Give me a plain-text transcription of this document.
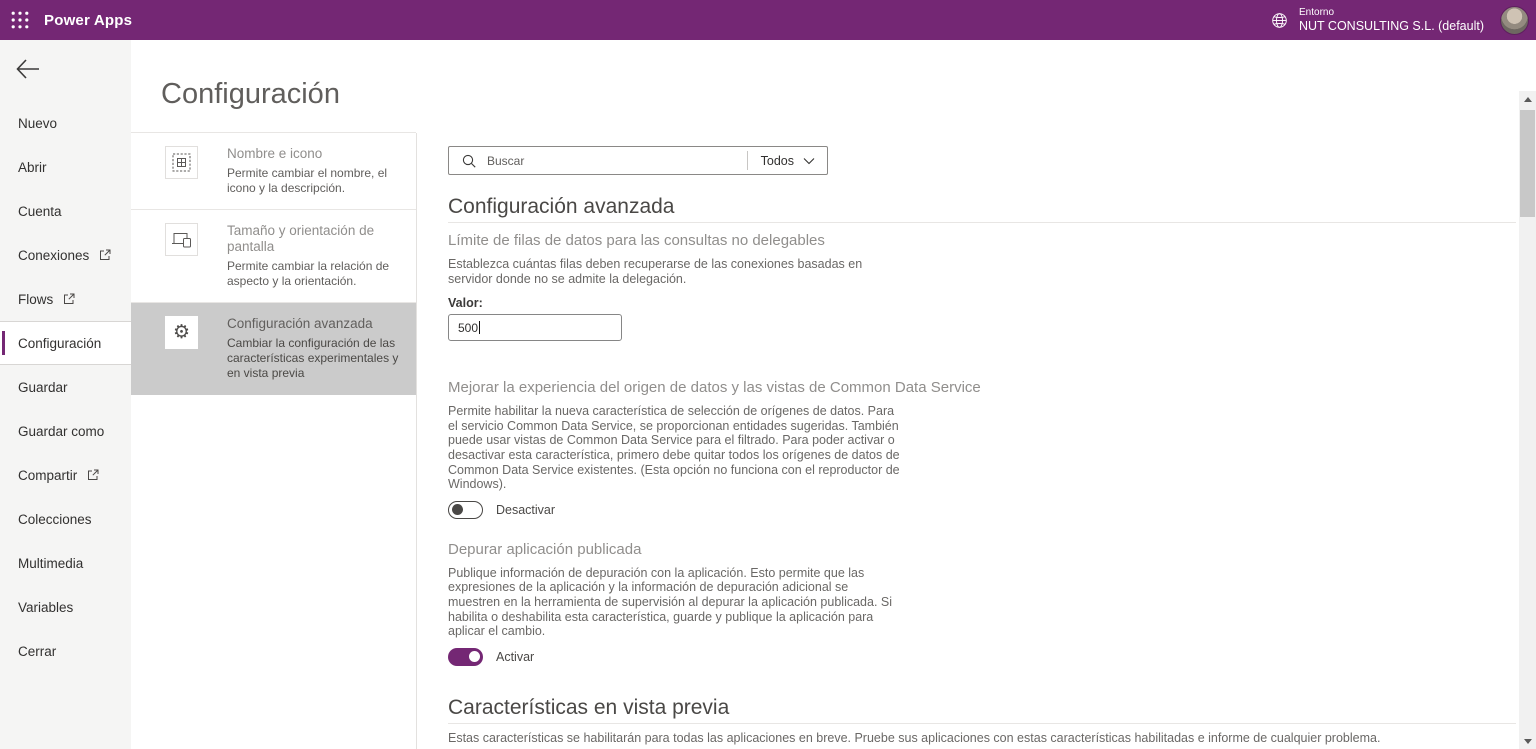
Power Apps	Entorno
NUT CONSULTING S.L. (default)
Nuevo
Abrir
Cuenta
Conexiones
Flows
Configuración
Guardar
Guardar como
Compartir
Colecciones
Multimedia
Variables
Cerrar
Configuración
Nombre e icono
Permite cambiar el nombre, el icono y la descripción.
Tamaño y orientación de pantalla
Permite cambiar la relación de aspecto y la orientación.
⚙	Configuración avanzada
Cambiar la configuración de las características experimentales y en vista previa
Buscar
Todos
Configuración avanzada
Límite de filas de datos para las consultas no delegables
Establezca cuántas filas deben recuperarse de las conexiones basadas en servidor donde no se admite la delegación.
Valor:
500
Mejorar la experiencia del origen de datos y las vistas de Common Data Service
Permite habilitar la nueva característica de selección de orígenes de datos. Para el servicio Common Data Service, se proporcionan entidades sugeridas. También puede usar vistas de Common Data Service para el filtrado. Para poder activar o desactivar esta característica, primero debe quitar todos los orígenes de datos de Common Data Service existentes. (Esta opción no funciona con el reproductor de Windows).
Desactivar
Depurar aplicación publicada
Publique información de depuración con la aplicación. Esto permite que las expresiones de la aplicación y la información de depuración adicional se muestren en la herramienta de supervisión al depurar la aplicación publicada. Si habilita o deshabilita esta característica, guarde y publique la aplicación para aplicar el cambio.
Activar
Características en vista previa
Estas características se habilitarán para todas las aplicaciones en breve. Pruebe sus aplicaciones con estas características habilitadas e informe de cualquier problema.
